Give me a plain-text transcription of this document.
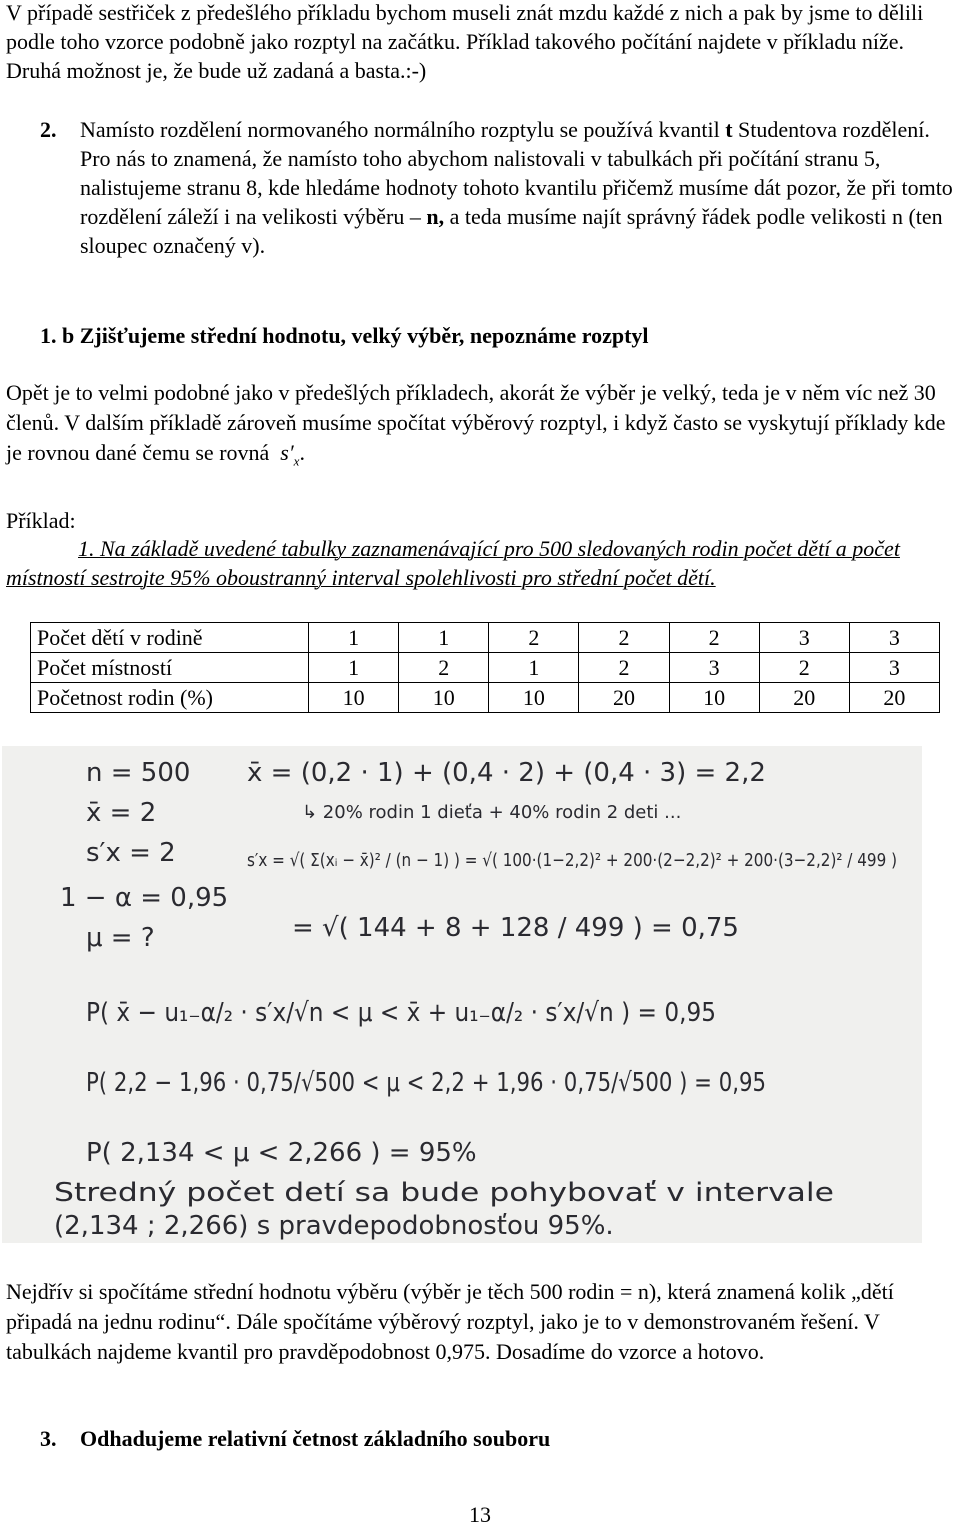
V případě sestřiček z předešlého příkladu bychom museli znát mzdu každé z nich a pak by jsme to dělili podle toho vzorce podobně jako rozptyl na začátku. Příklad takového počítání najdete v příkladu níže. Druhá možnost je, že bude už zadaná a basta.:-)

2. Namísto rozdělení normovaného normálního rozptylu se používá kvantil t Studentova rozdělení. Pro nás to znamená, že namísto toho abychom nalistovali v tabulkách při počítání stranu 5, nalistujeme stranu 8, kde hledáme hodnoty tohoto kvantilu přičemž musíme dát pozor, že při tomto rozdělení záleží i na velikosti výběru – n, a teda musíme najít správný řádek podle velikosti n (ten sloupec označený v).

1. b Zjišťujeme střední hodnotu, velký výběr, nepoznáme rozptyl

Opět je to velmi podobné jako v předešlých příkladech, akorát že výběr je velký, teda je v něm víc než 30 členů. V dalším příkladě zároveň musíme spočítat výběrový rozptyl, i když často se vyskytují příklady kde je rovnou dané čemu se rovná $s'_x$.

Příklad:

1. Na základě uvedené tabulky zaznamenávající pro 500 sledovaných rodin počet dětí a počet místností sestrojte 95% oboustranný interval spolehlivosti pro střední počet dětí.

Počet dětí v rodině	1	1	2	2	2	3	3
Počet místností	1	2	1	2	3	2	3
Početnost rodin (%)	10	10	10	20	10	20	20
n = 500
x̄ = 2
s′x = 2
1 − α = 0,95
μ = ?
x̄ = (0,2 · 1) + (0,4 · 2) + (0,4 · 3) = 2,2
↳ 20% rodin 1 dieťa + 40% rodin 2 deti ...
s′x = √( Σ(xᵢ − x̄)² / (n − 1) ) = √( 100·(1−2,2)² + 200·(2−2,2)² + 200·(3−2,2)² / 499 )
= √( 144 + 8 + 128 / 499 ) = 0,75
P( x̄ − u₁₋α/₂ · s′x/√n < μ < x̄ + u₁₋α/₂ · s′x/√n ) = 0,95
P( 2,2 − 1,96 · 0,75/√500 < μ < 2,2 + 1,96 · 0,75/√500 ) = 0,95
P( 2,134 < μ < 2,266 ) = 95%
Stredný počet detí sa bude pohybovať v intervale
(2,134 ; 2,266) s pravdepodobnosťou 95%.

Nejdřív si spočítáme střední hodnotu výběru (výběr je těch 500 rodin = n), která znamená kolik „dětí připadá na jednu rodinu“. Dále spočítáme výběrový rozptyl, jako je to v demonstrovaném řešení. V tabulkách najdeme kvantil pro pravděpodobnost 0,975. Dosadíme do vzorce a hotovo.

3. Odhadujeme relativní četnost základního souboru
13
